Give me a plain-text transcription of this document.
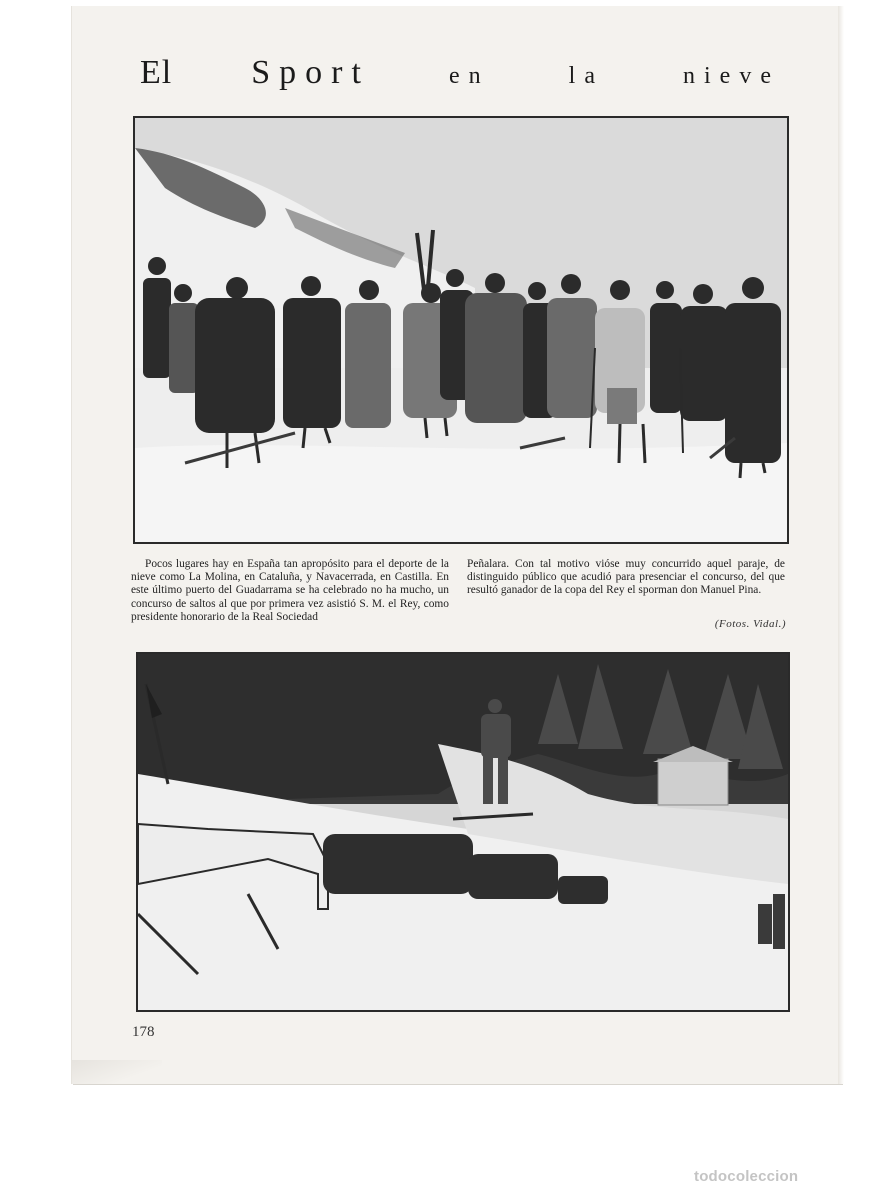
El Sport	en	la	nieve
Pocos lugares hay en España tan apropósito para el deporte de la nieve como La Molina, en Cataluña, y Navacerrada, en Castilla. En este último puerto del Guadarrama se ha celebrado no ha mucho, un concurso de saltos al que por primera vez asistió S. M. el Rey, como presidente honorario de la Real Sociedad
Peñalara. Con tal motivo vióse muy concurrido aquel paraje, de distinguido público que acudió para presenciar el concurso, del que resultó ganador de la copa del Rey el sporman don Manuel Pina.
(Fotos. Vidal.)
178
todocoleccion
